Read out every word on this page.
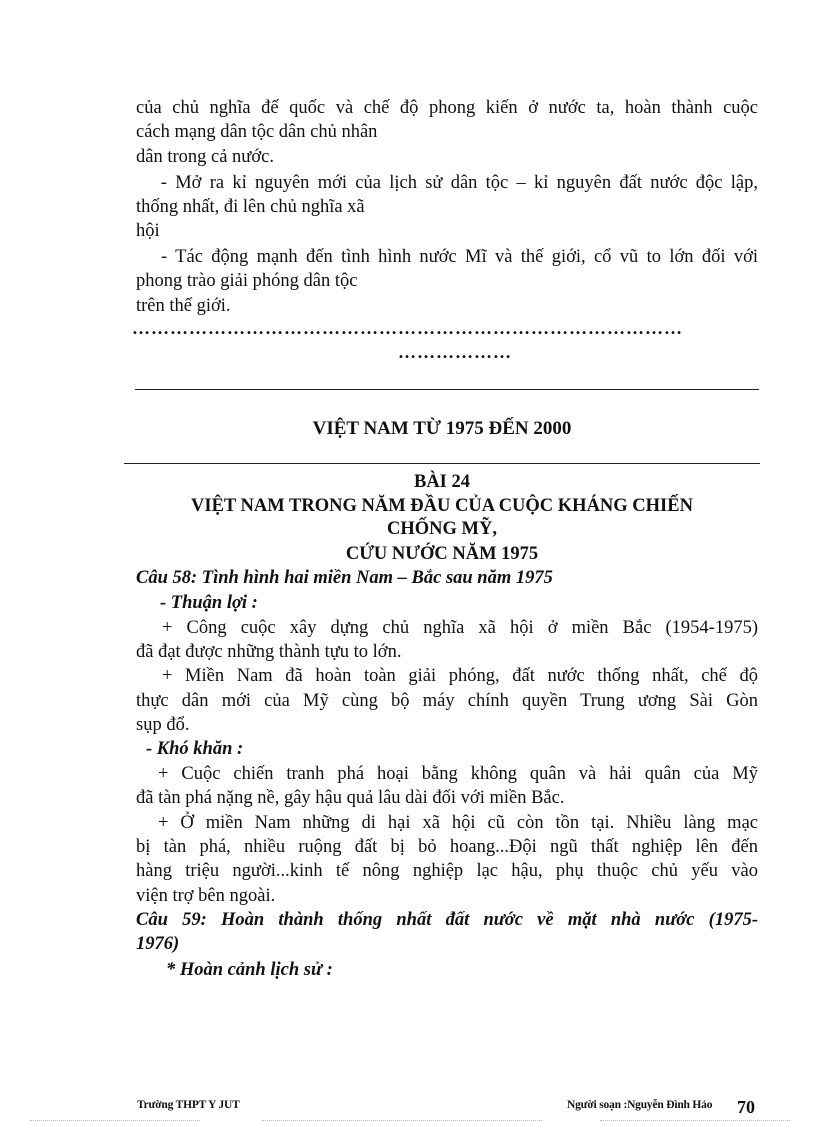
của chủ nghĩa đế quốc và chế độ phong kiến ở nước ta, hoàn thành cuộc

cách mạng dân tộc dân chủ nhân

dân trong cả nước.

- Mở ra kỉ nguyên mới của lịch sử dân tộc – kỉ nguyên đất nước độc lập,

thống nhất, đi lên chủ nghĩa xã

hội

- Tác động mạnh đến tình hình nước Mĩ và thế giới, cổ vũ to lớn đối với

phong trào giải phóng dân tộc

trên thế giới.

……………………………………………………………………………
………………

VIỆT NAM TỪ 1975 ĐẾN 2000

BÀI 24

VIỆT NAM TRONG NĂM ĐẦU CỦA CUỘC KHÁNG CHIẾN

CHỐNG MỸ,

CỨU NƯỚC NĂM 1975

Câu 58: Tình hình hai miền Nam – Bắc sau năm 1975

- Thuận lợi :

+ Công cuộc xây dựng chủ nghĩa xã hội ở miền Bắc (1954-1975)

đã đạt được những thành tựu to lớn.

+ Miền Nam đã hoàn toàn giải phóng, đất nước thống nhất, chế độ

thực dân mới của Mỹ cùng bộ máy chính quyền Trung ương Sài Gòn

sụp đổ.

- Khó khăn :

+ Cuộc chiến tranh phá hoại bằng không quân và hải quân của Mỹ

đã tàn phá nặng nề, gây hậu quả lâu dài đối với miền Bắc.

+ Ở miền Nam những di hại xã hội cũ còn tồn tại. Nhiều làng mạc

bị tàn phá, nhiều ruộng đất bị bỏ hoang...Đội ngũ thất nghiệp lên đến

hàng triệu người...kinh tế nông nghiệp lạc hậu, phụ thuộc chủ yếu vào

viện trợ bên ngoài.

Câu 59: Hoàn thành thống nhất đất nước về mặt nhà nước (1975-

1976)

* Hoàn cảnh lịch sử :

Trường THPT Y JUT	Người soạn :Nguyễn Đình Hảo 70
